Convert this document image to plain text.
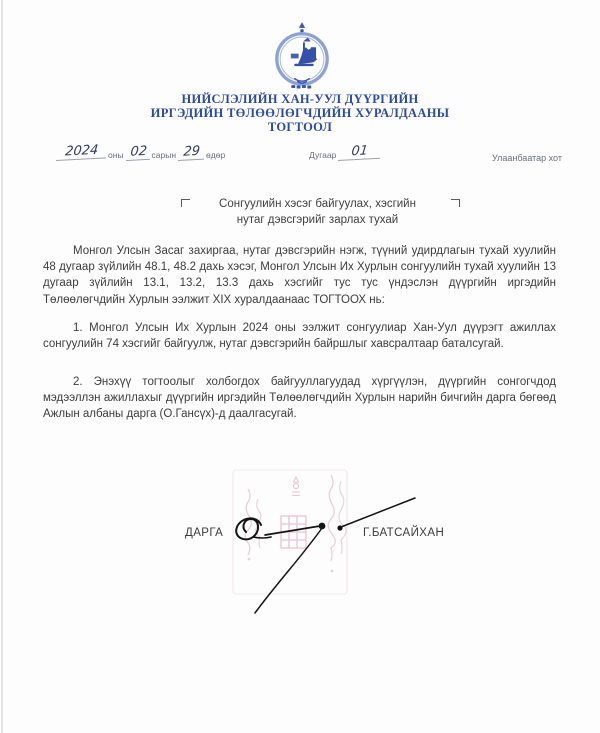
НИЙСЛЭЛИЙН ХАН-УУЛ ДҮҮРГИЙН
ИРГЭДИЙН ТӨЛӨӨЛӨГЧДИЙН ХУРАЛДААНЫ
ТОГТООЛ
2024	оны 02 сарын 29 өдөр	Дугаар	01	Улаанбаатар хот
Сонгуулийн хэсэг байгуулах, хэсгийн
нутаг дэвсгэрийг зарлах тухай
Монгол Улсын Засаг захиргаа, нутаг дэвсгэрийн нэгж, түүний удирдлагын тухай хуулийн 48 дугаар зүйлийн 48.1, 48.2 дахь хэсэг, Монгол Улсын Их Хурлын сонгуулийн тухай хуулийн 13 дугаар зүйлийн 13.1, 13.2, 13.3 дахь хэсгийг тус тус үндэслэн дүүргийн иргэдийн Төлөөлөгчдийн Хурлын ээлжит XIX хуралдаанаас ТОГТООХ нь:
1. Монгол Улсын Их Хурлын 2024 оны ээлжит сонгуулиар Хан-Уул дүүрэгт ажиллах сонгуулийн 74 хэсгийг байгуулж, нутаг дэвсгэрийн байршлыг хавсралтаар баталсугай.
2. Энэхүү тогтоолыг холбогдох байгууллагуудад хүргүүлэн, дүүргийн сонгогчдод мэдээллэн ажиллахыг дүүргийн иргэдийн Төлөөлөгчдийн Хурлын нарийн бичгийн дарга бөгөөд Ажлын албаны дарга (О.Гансүх)-д даалгасугай.
ДАРГА	Г.БАТСАЙХАН
